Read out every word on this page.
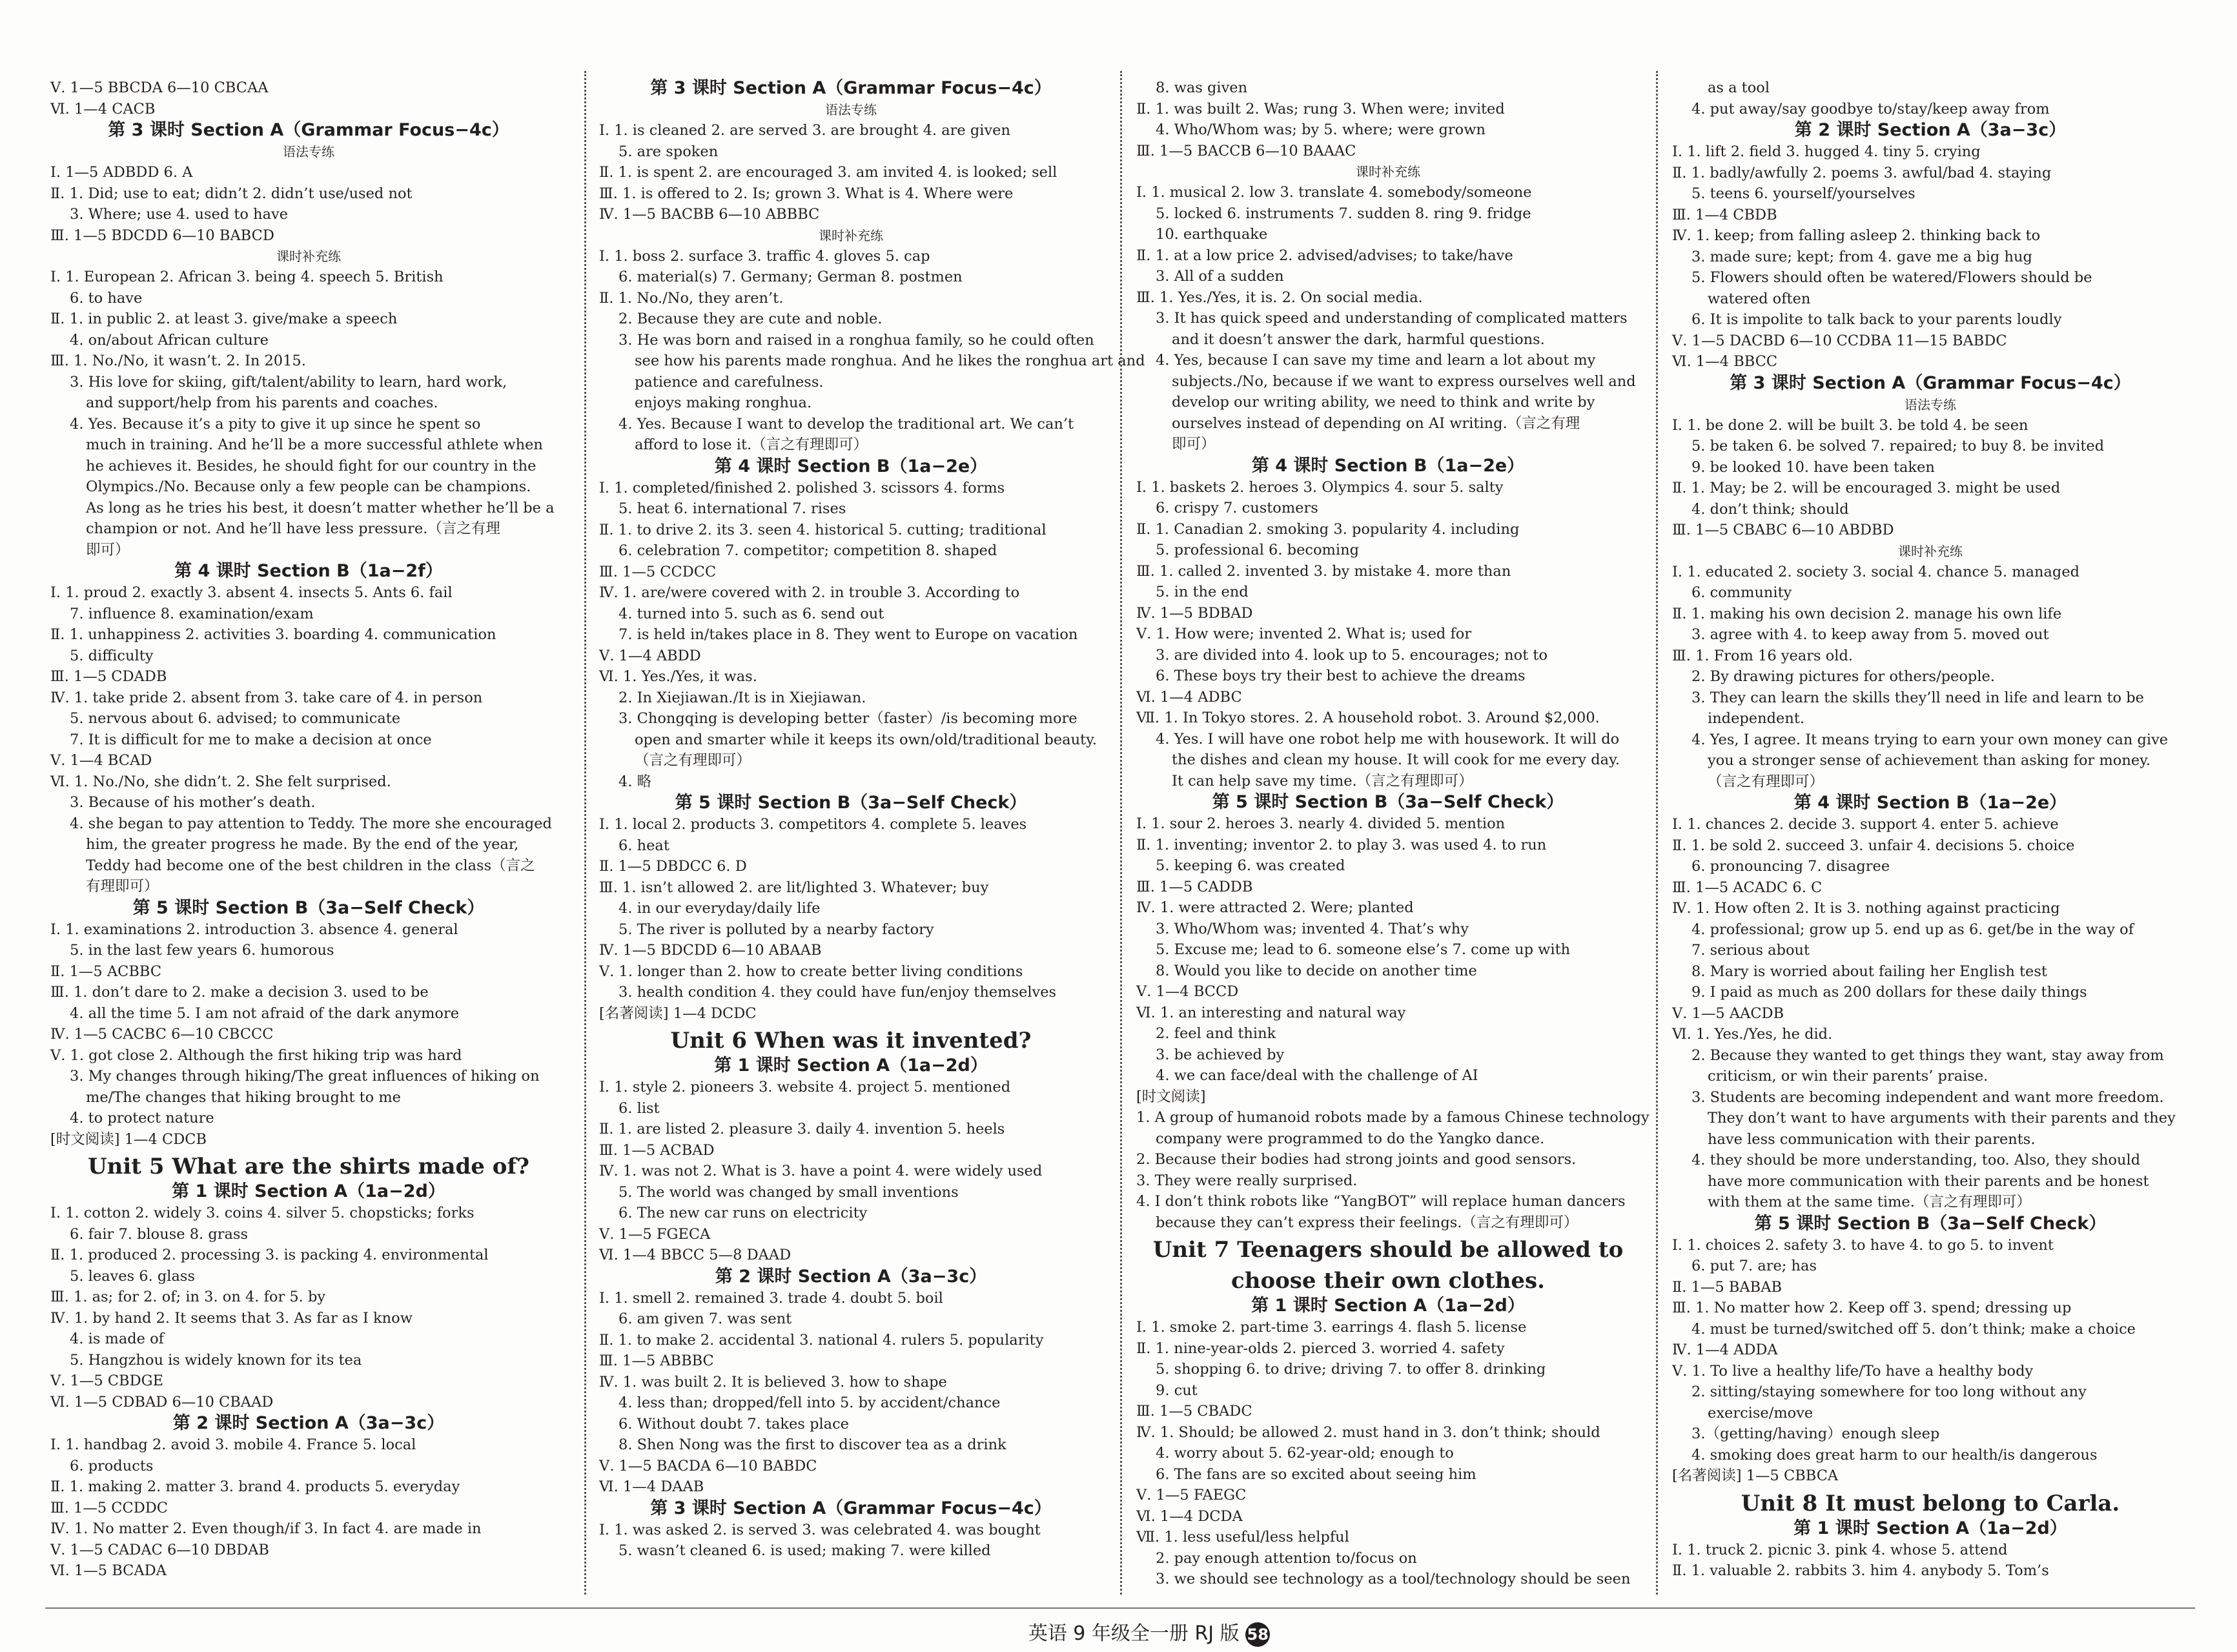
Ⅴ. 1—5 BBCDA 6—10 CBCAA
Ⅵ. 1—4 CACB
第 3 课时 Section A（Grammar Focus−4c）
语法专练
Ⅰ. 1—5 ADBDD 6. A
Ⅱ. 1. Did; use to eat; didn’t 2. didn’t use/used not
3. Where; use 4. used to have
Ⅲ. 1—5 BDCDD 6—10 BABCD
课时补充练
Ⅰ. 1. European 2. African 3. being 4. speech 5. British
6. to have
Ⅱ. 1. in public 2. at least 3. give/make a speech
4. on/about African culture
Ⅲ. 1. No./No, it wasn’t. 2. In 2015.
3. His love for skiing, gift/talent/ability to learn, hard work,
and support/help from his parents and coaches.
4. Yes. Because it’s a pity to give it up since he spent so
much in training. And he’ll be a more successful athlete when
he achieves it. Besides, he should fight for our country in the
Olympics./No. Because only a few people can be champions.
As long as he tries his best, it doesn’t matter whether he’ll be a
champion or not. And he’ll have less pressure.（言之有理
即可）
第 4 课时 Section B（1a−2f）
Ⅰ. 1. proud 2. exactly 3. absent 4. insects 5. Ants 6. fail
7. influence 8. examination/exam
Ⅱ. 1. unhappiness 2. activities 3. boarding 4. communication
5. difficulty
Ⅲ. 1—5 CDADB
Ⅳ. 1. take pride 2. absent from 3. take care of 4. in person
5. nervous about 6. advised; to communicate
7. It is difficult for me to make a decision at once
Ⅴ. 1—4 BCAD
Ⅵ. 1. No./No, she didn’t. 2. She felt surprised.
3. Because of his mother’s death.
4. she began to pay attention to Teddy. The more she encouraged
him, the greater progress he made. By the end of the year,
Teddy had become one of the best children in the class（言之
有理即可）
第 5 课时 Section B（3a−Self Check）
Ⅰ. 1. examinations 2. introduction 3. absence 4. general
5. in the last few years 6. humorous
Ⅱ. 1—5 ACBBC
Ⅲ. 1. don’t dare to 2. make a decision 3. used to be
4. all the time 5. I am not afraid of the dark anymore
Ⅳ. 1—5 CACBC 6—10 CBCCC
Ⅴ. 1. got close 2. Although the first hiking trip was hard
3. My changes through hiking/The great influences of hiking on
me/The changes that hiking brought to me
4. to protect nature
[时文阅读] 1—4 CDCB
Unit 5 What are the shirts made of?
第 1 课时 Section A（1a−2d）
Ⅰ. 1. cotton 2. widely 3. coins 4. silver 5. chopsticks; forks
6. fair 7. blouse 8. grass
Ⅱ. 1. produced 2. processing 3. is packing 4. environmental
5. leaves 6. glass
Ⅲ. 1. as; for 2. of; in 3. on 4. for 5. by
Ⅳ. 1. by hand 2. It seems that 3. As far as I know
4. is made of
5. Hangzhou is widely known for its tea
Ⅴ. 1—5 CBDGE
Ⅵ. 1—5 CDBAD 6—10 CBAAD
第 2 课时 Section A（3a−3c）
Ⅰ. 1. handbag 2. avoid 3. mobile 4. France 5. local
6. products
Ⅱ. 1. making 2. matter 3. brand 4. products 5. everyday
Ⅲ. 1—5 CCDDC
Ⅳ. 1. No matter 2. Even though/if 3. In fact 4. are made in
Ⅴ. 1—5 CADAC 6—10 DBDAB
Ⅵ. 1—5 BCADA
第 3 课时 Section A（Grammar Focus−4c）
语法专练
Ⅰ. 1. is cleaned 2. are served 3. are brought 4. are given
5. are spoken
Ⅱ. 1. is spent 2. are encouraged 3. am invited 4. is looked; sell
Ⅲ. 1. is offered to 2. Is; grown 3. What is 4. Where were
Ⅳ. 1—5 BACBB 6—10 ABBBC
课时补充练
Ⅰ. 1. boss 2. surface 3. traffic 4. gloves 5. cap
6. material(s) 7. Germany; German 8. postmen
Ⅱ. 1. No./No, they aren’t.
2. Because they are cute and noble.
3. He was born and raised in a ronghua family, so he could often
see how his parents made ronghua. And he likes the ronghua art and
patience and carefulness.
enjoys making ronghua.
4. Yes. Because I want to develop the traditional art. We can’t
afford to lose it.（言之有理即可）
第 4 课时 Section B（1a−2e）
Ⅰ. 1. completed/finished 2. polished 3. scissors 4. forms
5. heat 6. international 7. rises
Ⅱ. 1. to drive 2. its 3. seen 4. historical 5. cutting; traditional
6. celebration 7. competitor; competition 8. shaped
Ⅲ. 1—5 CCDCC
Ⅳ. 1. are/were covered with 2. in trouble 3. According to
4. turned into 5. such as 6. send out
7. is held in/takes place in 8. They went to Europe on vacation
Ⅴ. 1—4 ABDD
Ⅵ. 1. Yes./Yes, it was.
2. In Xiejiawan./It is in Xiejiawan.
3. Chongqing is developing better（faster）/is becoming more
open and smarter while it keeps its own/old/traditional beauty.
（言之有理即可）
4. 略
第 5 课时 Section B（3a−Self Check）
Ⅰ. 1. local 2. products 3. competitors 4. complete 5. leaves
6. heat
Ⅱ. 1—5 DBDCC 6. D
Ⅲ. 1. isn’t allowed 2. are lit/lighted 3. Whatever; buy
4. in our everyday/daily life
5. The river is polluted by a nearby factory
Ⅳ. 1—5 BDCDD 6—10 ABAAB
Ⅴ. 1. longer than 2. how to create better living conditions
3. health condition 4. they could have fun/enjoy themselves
[名著阅读] 1—4 DCDC
Unit 6 When was it invented?
第 1 课时 Section A（1a−2d）
Ⅰ. 1. style 2. pioneers 3. website 4. project 5. mentioned
6. list
Ⅱ. 1. are listed 2. pleasure 3. daily 4. invention 5. heels
Ⅲ. 1—5 ACBAD
Ⅳ. 1. was not 2. What is 3. have a point 4. were widely used
5. The world was changed by small inventions
6. The new car runs on electricity
Ⅴ. 1—5 FGECA
Ⅵ. 1—4 BBCC 5—8 DAAD
第 2 课时 Section A（3a−3c）
Ⅰ. 1. smell 2. remained 3. trade 4. doubt 5. boil
6. am given 7. was sent
Ⅱ. 1. to make 2. accidental 3. national 4. rulers 5. popularity
Ⅲ. 1—5 ABBBC
Ⅳ. 1. was built 2. It is believed 3. how to shape
4. less than; dropped/fell into 5. by accident/chance
6. Without doubt 7. takes place
8. Shen Nong was the first to discover tea as a drink
Ⅴ. 1—5 BACDA 6—10 BABDC
Ⅵ. 1—4 DAAB
第 3 课时 Section A（Grammar Focus−4c）
Ⅰ. 1. was asked 2. is served 3. was celebrated 4. was bought
5. wasn’t cleaned 6. is used; making 7. were killed
8. was given
Ⅱ. 1. was built 2. Was; rung 3. When were; invited
4. Who/Whom was; by 5. where; were grown
Ⅲ. 1—5 BACCB 6—10 BAAAC
课时补充练
Ⅰ. 1. musical 2. low 3. translate 4. somebody/someone
5. locked 6. instruments 7. sudden 8. ring 9. fridge
10. earthquake
Ⅱ. 1. at a low price 2. advised/advises; to take/have
3. All of a sudden
Ⅲ. 1. Yes./Yes, it is. 2. On social media.
3. It has quick speed and understanding of complicated matters
and it doesn’t answer the dark, harmful questions.
4. Yes, because I can save my time and learn a lot about my
subjects./No, because if we want to express ourselves well and
develop our writing ability, we need to think and write by
ourselves instead of depending on AI writing.（言之有理
即可）
第 4 课时 Section B（1a−2e）
Ⅰ. 1. baskets 2. heroes 3. Olympics 4. sour 5. salty
6. crispy 7. customers
Ⅱ. 1. Canadian 2. smoking 3. popularity 4. including
5. professional 6. becoming
Ⅲ. 1. called 2. invented 3. by mistake 4. more than
5. in the end
Ⅳ. 1—5 BDBAD
Ⅴ. 1. How were; invented 2. What is; used for
3. are divided into 4. look up to 5. encourages; not to
6. These boys try their best to achieve the dreams
Ⅵ. 1—4 ADBC
Ⅶ. 1. In Tokyo stores. 2. A household robot. 3. Around $2,000.
4. Yes. I will have one robot help me with housework. It will do
the dishes and clean my house. It will cook for me every day.
It can help save my time.（言之有理即可）
第 5 课时 Section B（3a−Self Check）
Ⅰ. 1. sour 2. heroes 3. nearly 4. divided 5. mention
Ⅱ. 1. inventing; inventor 2. to play 3. was used 4. to run
5. keeping 6. was created
Ⅲ. 1—5 CADDB
Ⅳ. 1. were attracted 2. Were; planted
3. Who/Whom was; invented 4. That’s why
5. Excuse me; lead to 6. someone else’s 7. come up with
8. Would you like to decide on another time
Ⅴ. 1—4 BCCD
Ⅵ. 1. an interesting and natural way
2. feel and think
3. be achieved by
4. we can face/deal with the challenge of AI
[时文阅读]
1. A group of humanoid robots made by a famous Chinese technology
company were programmed to do the Yangko dance.
2. Because their bodies had strong joints and good sensors.
3. They were really surprised.
4. I don’t think robots like “YangBOT” will replace human dancers
because they can’t express their feelings.（言之有理即可）
Unit 7 Teenagers should be allowed to
choose their own clothes.
第 1 课时 Section A（1a−2d）
Ⅰ. 1. smoke 2. part-time 3. earrings 4. flash 5. license
Ⅱ. 1. nine-year-olds 2. pierced 3. worried 4. safety
5. shopping 6. to drive; driving 7. to offer 8. drinking
9. cut
Ⅲ. 1—5 CBADC
Ⅳ. 1. Should; be allowed 2. must hand in 3. don’t think; should
4. worry about 5. 62-year-old; enough to
6. The fans are so excited about seeing him
Ⅴ. 1—5 FAEGC
Ⅵ. 1—4 DCDA
Ⅶ. 1. less useful/less helpful
2. pay enough attention to/focus on
3. we should see technology as a tool/technology should be seen
as a tool
4. put away/say goodbye to/stay/keep away from
第 2 课时 Section A（3a−3c）
Ⅰ. 1. lift 2. field 3. hugged 4. tiny 5. crying
Ⅱ. 1. badly/awfully 2. poems 3. awful/bad 4. staying
5. teens 6. yourself/yourselves
Ⅲ. 1—4 CBDB
Ⅳ. 1. keep; from falling asleep 2. thinking back to
3. made sure; kept; from 4. gave me a big hug
5. Flowers should often be watered/Flowers should be
watered often
6. It is impolite to talk back to your parents loudly
Ⅴ. 1—5 DACBD 6—10 CCDBA 11—15 BABDC
Ⅵ. 1—4 BBCC
第 3 课时 Section A（Grammar Focus−4c）
语法专练
Ⅰ. 1. be done 2. will be built 3. be told 4. be seen
5. be taken 6. be solved 7. repaired; to buy 8. be invited
9. be looked 10. have been taken
Ⅱ. 1. May; be 2. will be encouraged 3. might be used
4. don’t think; should
Ⅲ. 1—5 CBABC 6—10 ABDBD
课时补充练
Ⅰ. 1. educated 2. society 3. social 4. chance 5. managed
6. community
Ⅱ. 1. making his own decision 2. manage his own life
3. agree with 4. to keep away from 5. moved out
Ⅲ. 1. From 16 years old.
2. By drawing pictures for others/people.
3. They can learn the skills they’ll need in life and learn to be
independent.
4. Yes, I agree. It means trying to earn your own money can give
you a stronger sense of achievement than asking for money.
（言之有理即可）
第 4 课时 Section B（1a−2e）
Ⅰ. 1. chances 2. decide 3. support 4. enter 5. achieve
Ⅱ. 1. be sold 2. succeed 3. unfair 4. decisions 5. choice
6. pronouncing 7. disagree
Ⅲ. 1—5 ACADC 6. C
Ⅳ. 1. How often 2. It is 3. nothing against practicing
4. professional; grow up 5. end up as 6. get/be in the way of
7. serious about
8. Mary is worried about failing her English test
9. I paid as much as 200 dollars for these daily things
Ⅴ. 1—5 AACDB
Ⅵ. 1. Yes./Yes, he did.
2. Because they wanted to get things they want, stay away from
criticism, or win their parents’ praise.
3. Students are becoming independent and want more freedom.
They don’t want to have arguments with their parents and they
have less communication with their parents.
4. they should be more understanding, too. Also, they should
have more communication with their parents and be honest
with them at the same time.（言之有理即可）
第 5 课时 Section B（3a−Self Check）
Ⅰ. 1. choices 2. safety 3. to have 4. to go 5. to invent
6. put 7. are; has
Ⅱ. 1—5 BABAB
Ⅲ. 1. No matter how 2. Keep off 3. spend; dressing up
4. must be turned/switched off 5. don’t think; make a choice
Ⅳ. 1—4 ADDA
Ⅴ. 1. To live a healthy life/To have a healthy body
2. sitting/staying somewhere for too long without any
exercise/move
3.（getting/having）enough sleep
4. smoking does great harm to our health/is dangerous
[名著阅读] 1—5 CBBCA
Unit 8 It must belong to Carla.
第 1 课时 Section A（1a−2d）
Ⅰ. 1. truck 2. picnic 3. pink 4. whose 5. attend
Ⅱ. 1. valuable 2. rabbits 3. him 4. anybody 5. Tom’s
英语 9 年级全一册 RJ 版 58
